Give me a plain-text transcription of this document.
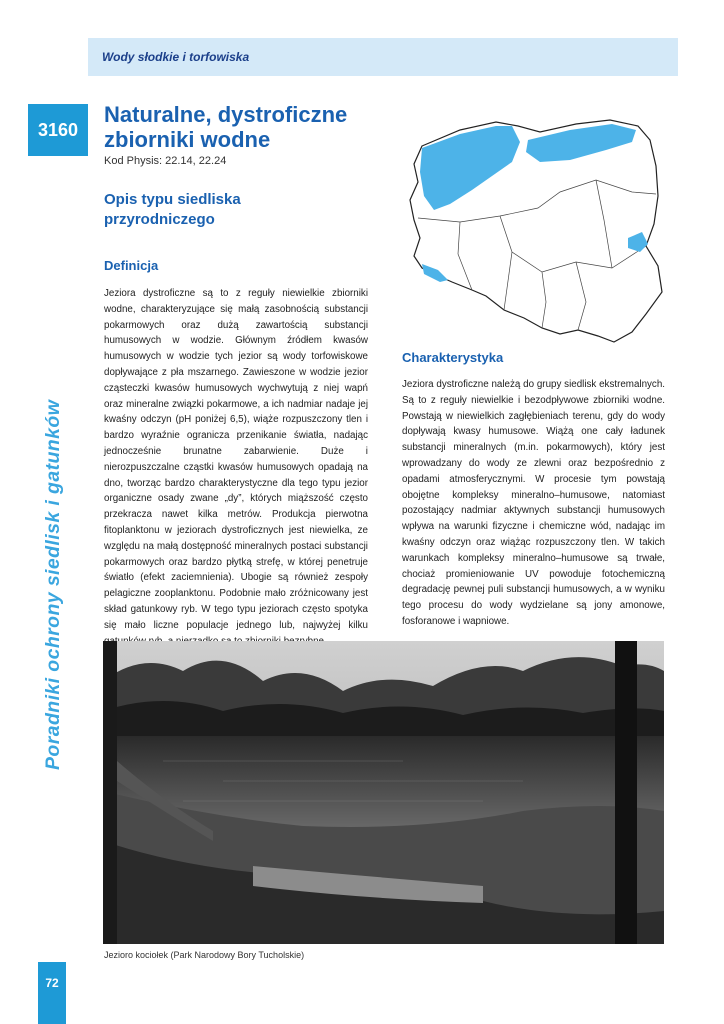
Wody słodkie i torfowiska
3160
Poradniki ochrony siedlisk i gatunków
Naturalne, dystroficzne zbiorniki wodne
Kod Physis: 22.14, 22.24
Opis typu siedliska przyrodniczego
Definicja

Jeziora dystroficzne są to z reguły niewielkie zbiorniki wodne, charakteryzujące się małą zasobnością substancji pokarmowych oraz dużą zawartością substancji humusowych w wodzie. Głównym źródłem kwasów humusowych w wodzie tych jezior są wody torfowiskowe dopływające z pła mszarnego. Zawieszone w wodzie jezior cząsteczki kwasów humusowych wychwytują z niej wapń oraz mineralne związki pokarmowe, a ich nadmiar nadaje jej kwaśny odczyn (pH poniżej 6,5), wiąże rozpuszczony tlen i bardzo wyraźnie ogranicza przenikanie światła, nadając jednocześnie brunatne zabarwienie. Duże i nierozpuszczalne cząstki kwasów humusowych opadają na dno, tworząc bardzo charakterystyczne dla tego typu jezior organiczne osady zwane „dy”, których miąższość często przekracza nawet kilka metrów. Produkcja pierwotna fitoplanktonu w jeziorach dystroficznych jest niewielka, ze względu na małą dostępność mineralnych postaci substancji pokarmowych oraz bardzo płytką strefę, w której penetruje światło (efekt zaciemnienia). Ubogie są również zespoły pelagiczne zooplanktonu. Podobnie mało zróżnicowany jest skład gatunkowy ryb. W tego typu jeziorach często spotyka się mało liczne populacje jednego lub, najwyżej kilku

Charakterystyka

Jeziora dystroficzne należą do grupy siedlisk ekstremalnych. Są to z reguły niewielkie i bezodpływowe zbiorniki wodne. Powstają w niewielkich zagłębieniach terenu, gdy do wody dopływają kwasy humusowe. Wiążą one cały ładunek substancji mineralnych (m.in. pokarmowych), który jest wprowadzany do wody ze zlewni oraz bezpośrednio z opadami atmosferycznymi. W procesie tym powstają obojętne kompleksy mineralno–humusowe, natomiast pozostający nadmiar aktywnych substancji humusowych wpływa na warunki fizyczne i chemiczne wód, nadając im kwaśny odczyn oraz wiążąc rozpuszczony tlen. W takich warunkach kompleksy mineralno–humusowe są trwałe, chociaż promieniowanie UV powoduje fotochemiczną degradację pewnej puli substancji humusowych, a w wyniku tego procesu do wody wydzielane są jony amonowe, fosforanowe i wapniowe.

Jezioro kociołek (Park Narodowy Bory Tucholskie)
72
